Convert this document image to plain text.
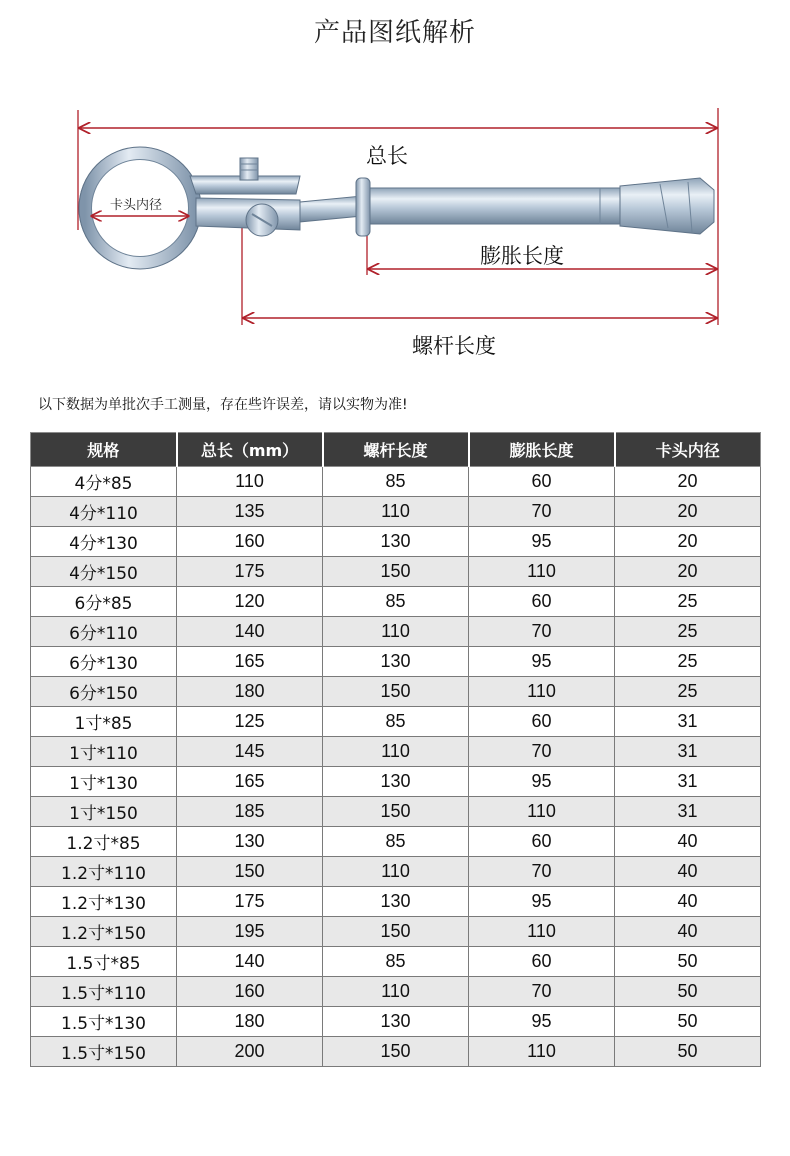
产品图纸解析
总长
卡头内径
膨胀长度
螺杆长度
以下数据为单批次手工测量，存在些许误差，请以实物为准!
规格	总长（mm）	螺杆长度	膨胀长度	卡头内径
4分*85	110	85	60	20
4分*110	135	110	70	20
4分*130	160	130	95	20
4分*150	175	150	110	20
6分*85	120	85	60	25
6分*110	140	110	70	25
6分*130	165	130	95	25
6分*150	180	150	110	25
1寸*85	125	85	60	31
1寸*110	145	110	70	31
1寸*130	165	130	95	31
1寸*150	185	150	110	31
1.2寸*85	130	85	60	40
1.2寸*110	150	110	70	40
1.2寸*130	175	130	95	40
1.2寸*150	195	150	110	40
1.5寸*85	140	85	60	50
1.5寸*110	160	110	70	50
1.5寸*130	180	130	95	50
1.5寸*150	200	150	110	50
